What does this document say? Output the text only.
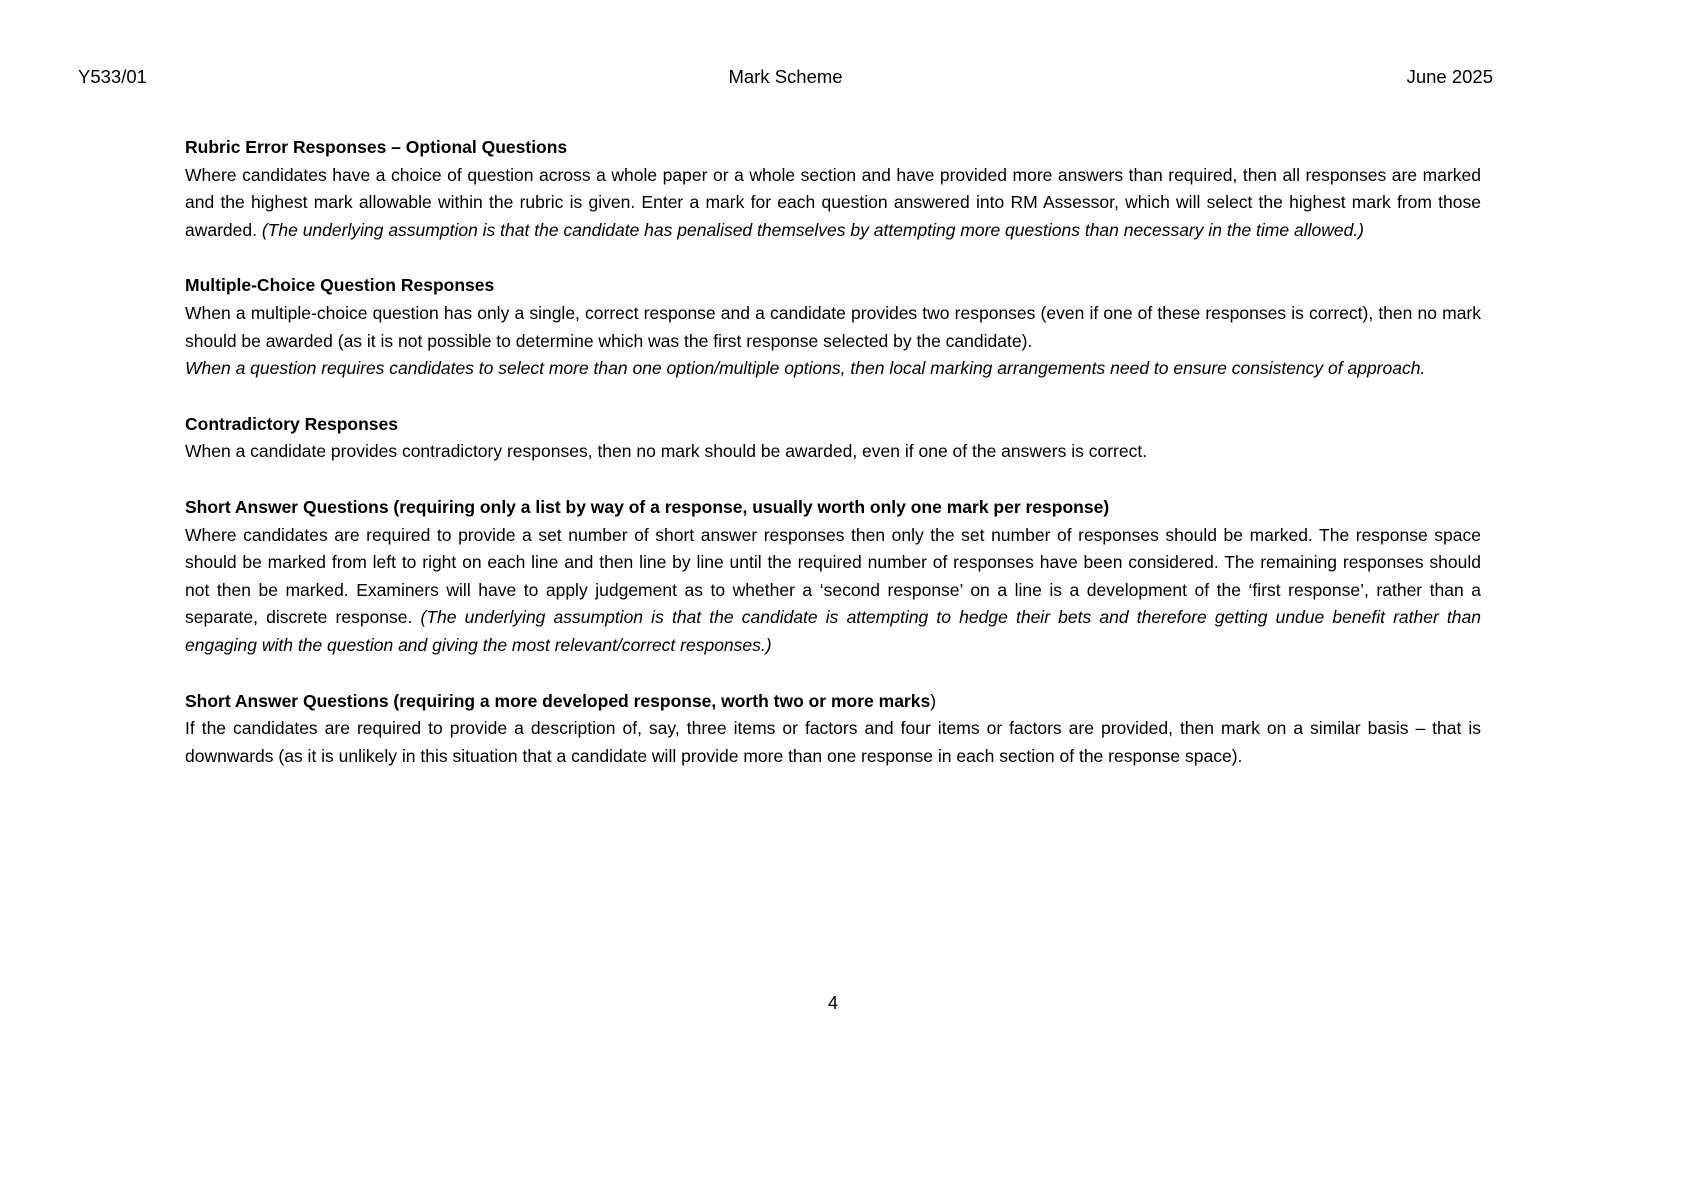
Y533/01	Mark Scheme	June 2025
Rubric Error Responses – Optional Questions

Where candidates have a choice of question across a whole paper or a whole section and have provided more answers than required, then all responses are marked and the highest mark allowable within the rubric is given. Enter a mark for each question answered into RM Assessor, which will select the highest mark from those awarded. (The underlying assumption is that the candidate has penalised themselves by attempting more questions than necessary in the time allowed.)

Multiple-Choice Question Responses

When a multiple-choice question has only a single, correct response and a candidate provides two responses (even if one of these responses is correct), then no mark should be awarded (as it is not possible to determine which was the first response selected by the candidate).

When a question requires candidates to select more than one option/multiple options, then local marking arrangements need to ensure consistency of approach.

Contradictory Responses

When a candidate provides contradictory responses, then no mark should be awarded, even if one of the answers is correct.

Short Answer Questions (requiring only a list by way of a response, usually worth only one mark per response)

Where candidates are required to provide a set number of short answer responses then only the set number of responses should be marked. The response space should be marked from left to right on each line and then line by line until the required number of responses have been considered. The remaining responses should not then be marked. Examiners will have to apply judgement as to whether a ‘second response’ on a line is a development of the ‘first response’, rather than a separate, discrete response. (The underlying assumption is that the candidate is attempting to hedge their bets and therefore getting undue benefit rather than engaging with the question and giving the most relevant/correct responses.)

Short Answer Questions (requiring a more developed response, worth two or more marks)

If the candidates are required to provide a description of, say, three items or factors and four items or factors are provided, then mark on a similar basis – that is downwards (as it is unlikely in this situation that a candidate will provide more than one response in each section of the response space).

4
